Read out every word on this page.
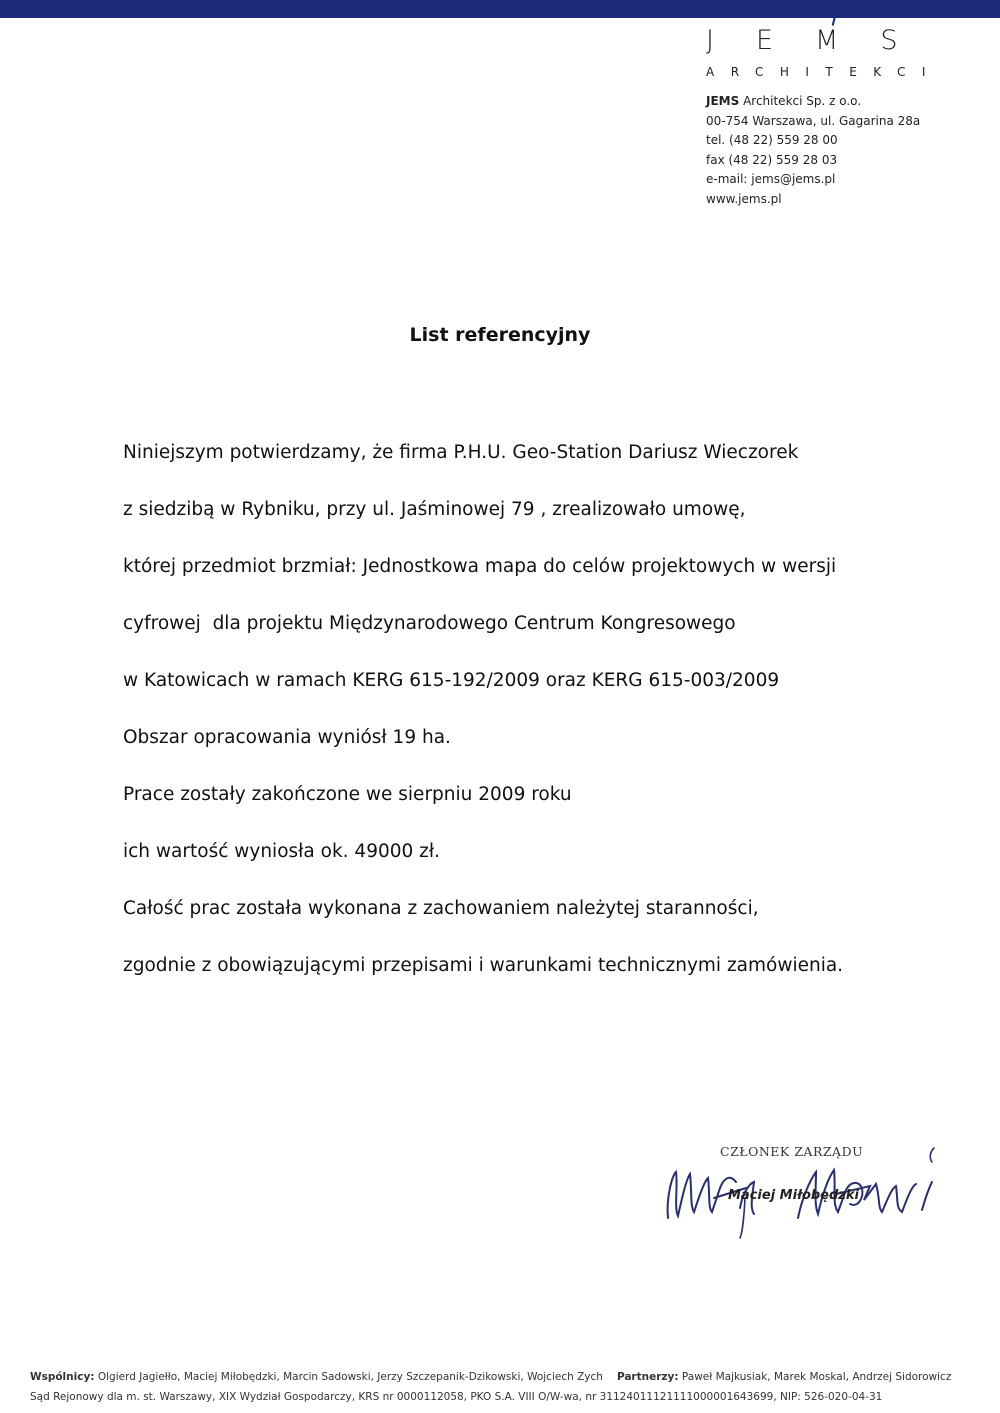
JEMS
ARCHITEKCI
JEMS Architekci Sp. z o.o.
00-754 Warszawa, ul. Gagarina 28a
tel. (48 22) 559 28 00
fax (48 22) 559 28 03
e-mail: jems@jems.pl
www.jems.pl
List referencyjny
Niniejszym potwierdzamy, że firma P.H.U. Geo-Station Dariusz Wieczorek
z siedzibą w Rybniku, przy ul. Jaśminowej 79 , zrealizowało umowę,
której przedmiot brzmiał: Jednostkowa mapa do celów projektowych w wersji
cyfrowej  dla projektu Międzynarodowego Centrum Kongresowego
w Katowicach w ramach KERG 615-192/2009 oraz KERG 615-003/2009
Obszar opracowania wyniósł 19 ha.
Prace zostały zakończone we sierpniu 2009 roku
ich wartość wyniosła ok. 49000 zł.
Całość prac została wykonana z zachowaniem należytej staranności,
zgodnie z obowiązującymi przepisami i warunkami technicznymi zamówienia.
CZŁONEK ZARZĄDU
Maciej Miłobędzki
Wspólnicy: Olgierd Jagiełło, Maciej Miłobędzki, Marcin Sadowski, Jerzy Szczepanik-Dzikowski, Wojciech Zych Partnerzy: Paweł Majkusiak, Marek Moskal, Andrzej Sidorowicz
Sąd Rejonowy dla m. st. Warszawy, XIX Wydział Gospodarczy, KRS nr 0000112058, PKO S.A. VIII O/W-wa, nr 31124011121111000001643699, NIP: 526-020-04-31
